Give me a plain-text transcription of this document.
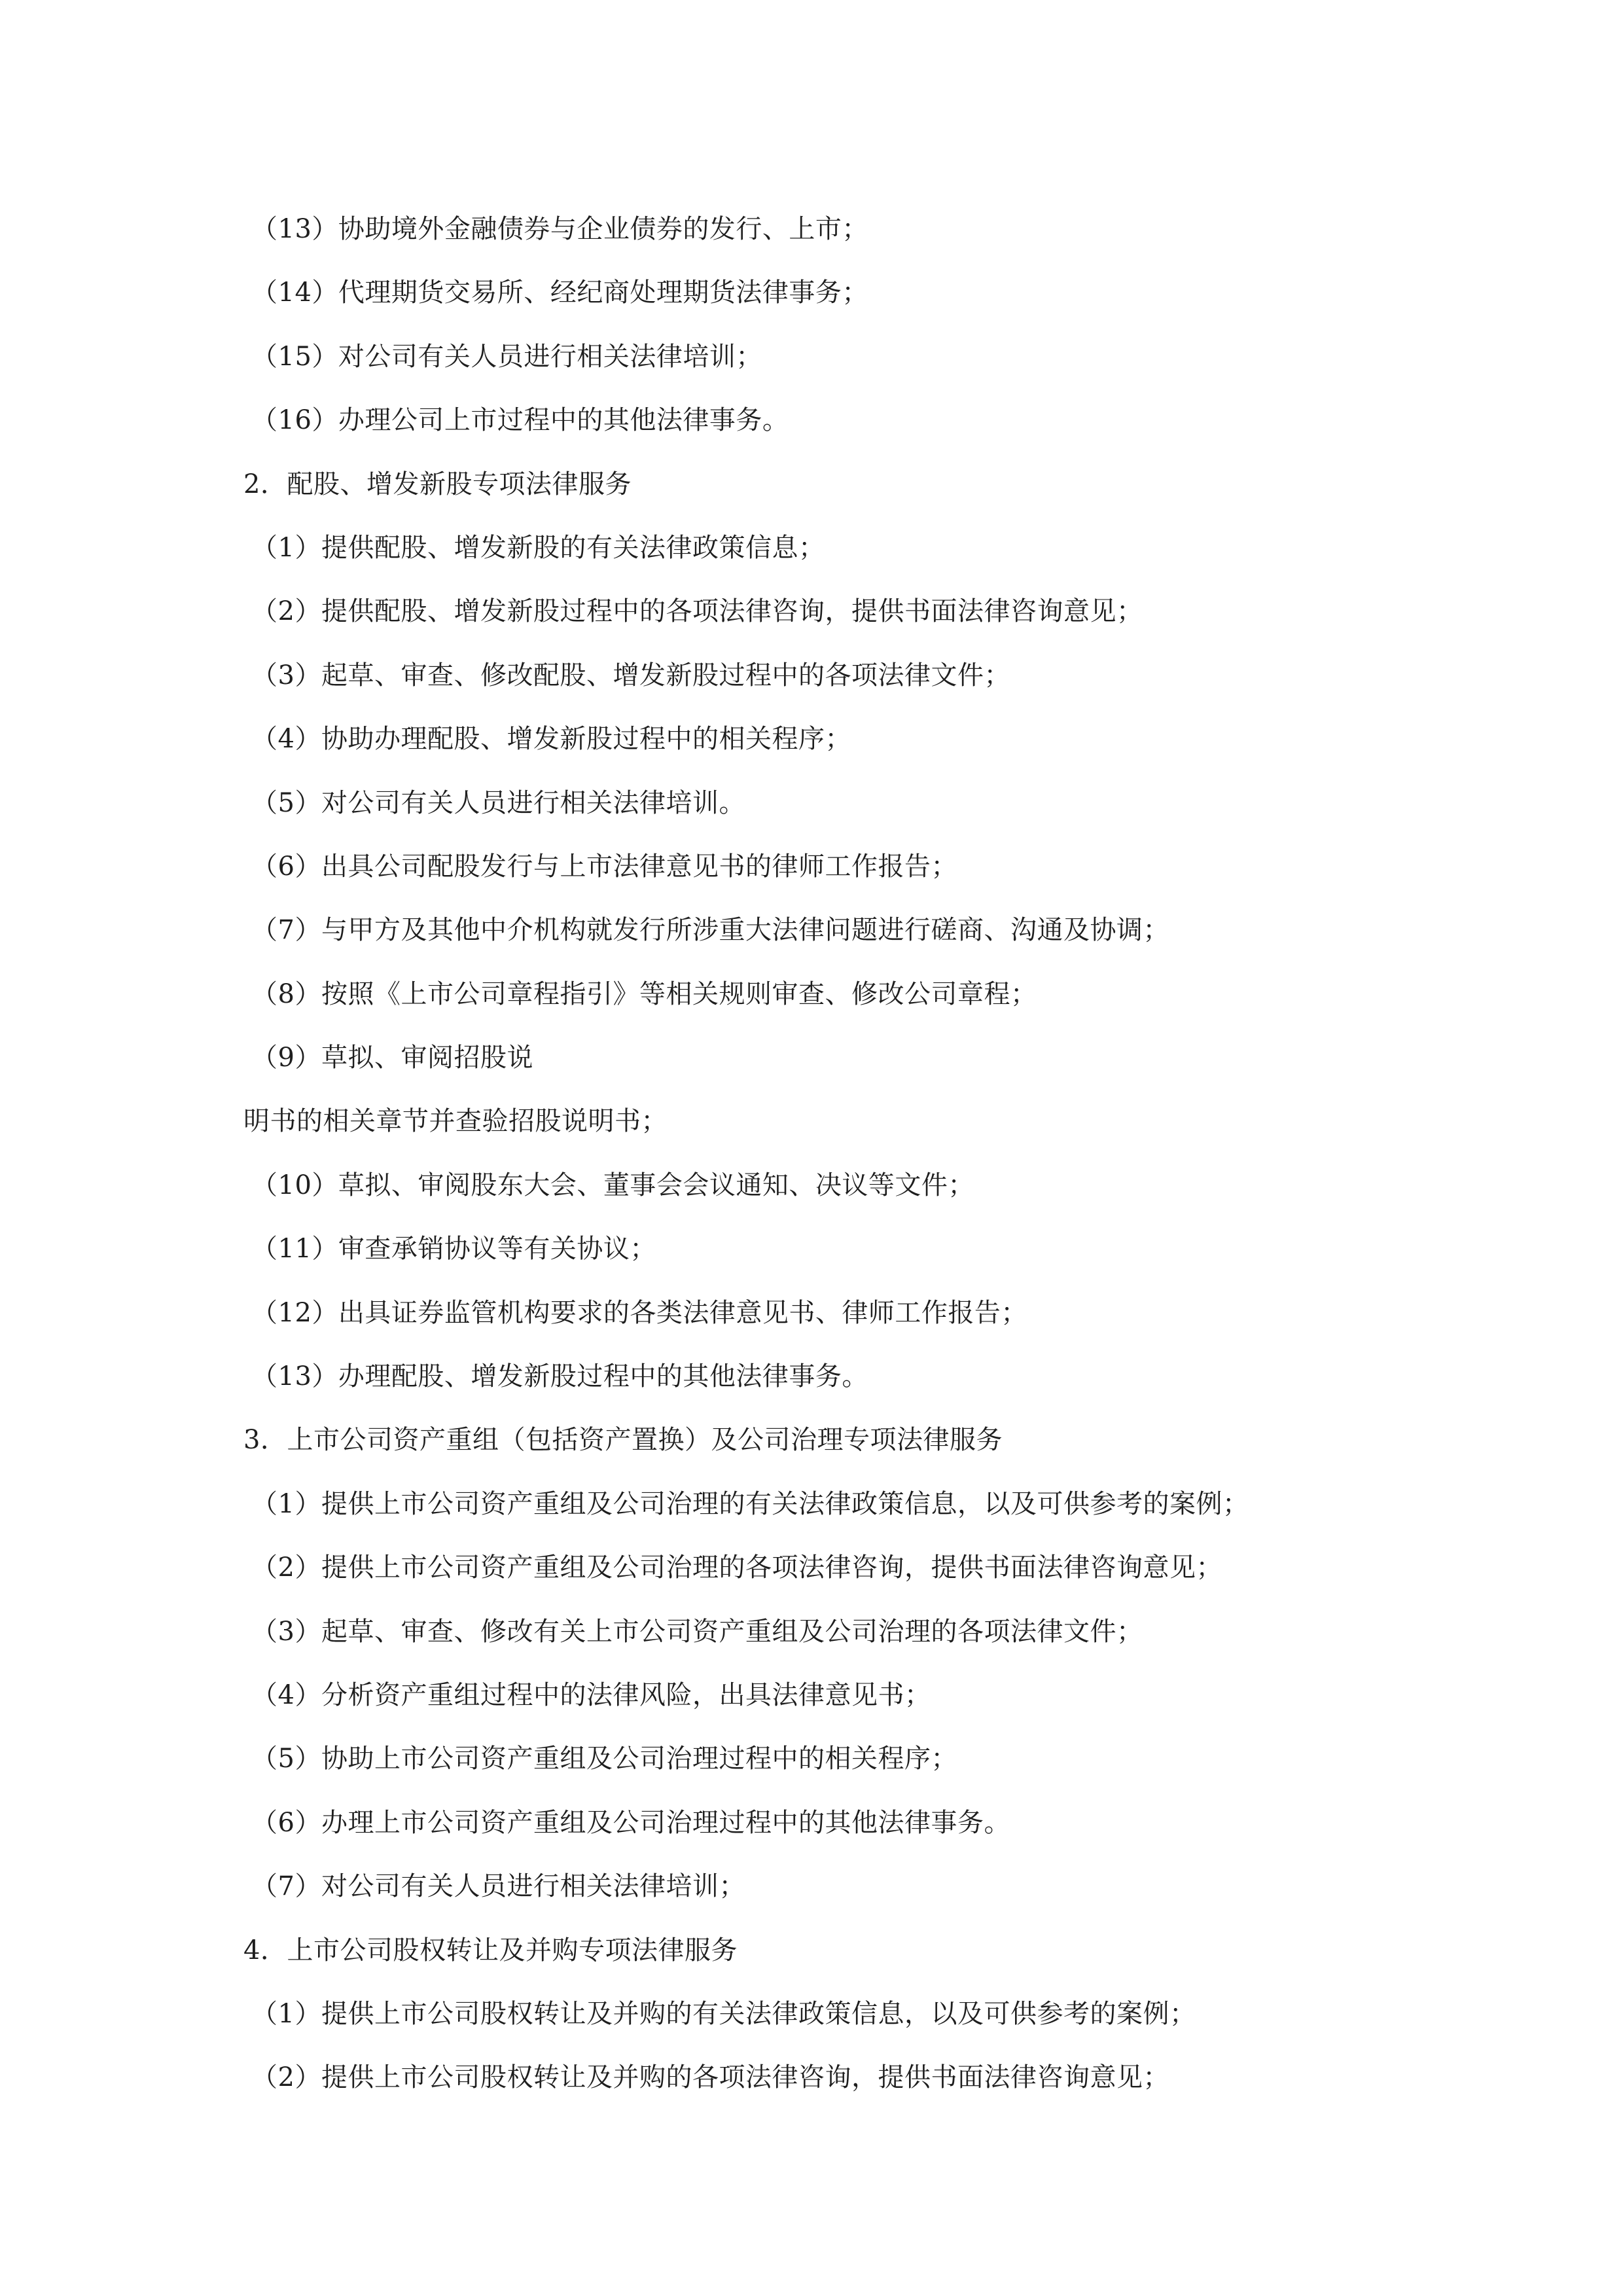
（13）协助境外金融债券与企业债券的发行、上市；
（14）代理期货交易所、经纪商处理期货法律事务；
（15）对公司有关人员进行相关法律培训；
（16）办理公司上市过程中的其他法律事务。
2．配股、增发新股专项法律服务
（1）提供配股、增发新股的有关法律政策信息；
（2）提供配股、增发新股过程中的各项法律咨询，提供书面法律咨询意见；
（3）起草、审查、修改配股、增发新股过程中的各项法律文件；
（4）协助办理配股、增发新股过程中的相关程序；
（5）对公司有关人员进行相关法律培训。
（6）出具公司配股发行与上市法律意见书的律师工作报告；
（7）与甲方及其他中介机构就发行所涉重大法律问题进行磋商、沟通及协调；
（8）按照《上市公司章程指引》等相关规则审查、修改公司章程；
（9）草拟、审阅招股说
明书的相关章节并查验招股说明书；
（10）草拟、审阅股东大会、董事会会议通知、决议等文件；
（11）审查承销协议等有关协议；
（12）出具证券监管机构要求的各类法律意见书、律师工作报告；
（13）办理配股、增发新股过程中的其他法律事务。
3．上市公司资产重组（包括资产置换）及公司治理专项法律服务
（1）提供上市公司资产重组及公司治理的有关法律政策信息，以及可供参考的案例；
（2）提供上市公司资产重组及公司治理的各项法律咨询，提供书面法律咨询意见；
（3）起草、审查、修改有关上市公司资产重组及公司治理的各项法律文件；
（4）分析资产重组过程中的法律风险，出具法律意见书；
（5）协助上市公司资产重组及公司治理过程中的相关程序；
（6）办理上市公司资产重组及公司治理过程中的其他法律事务。
（7）对公司有关人员进行相关法律培训；
4．上市公司股权转让及并购专项法律服务
（1）提供上市公司股权转让及并购的有关法律政策信息，以及可供参考的案例；
（2）提供上市公司股权转让及并购的各项法律咨询，提供书面法律咨询意见；
